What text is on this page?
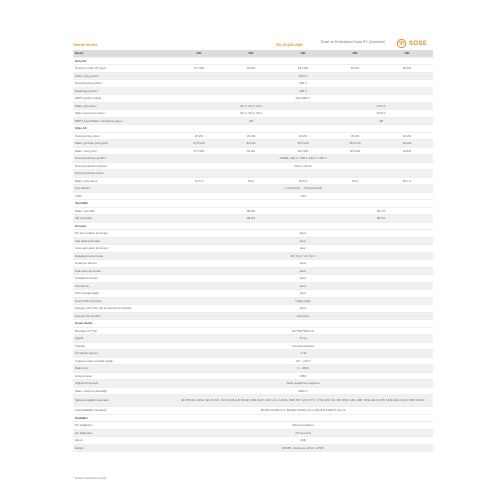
Ticari ve Endüstriyel Solar PV Çözümleri	SOSE
Teknik Veriler	SS-GC(25-40)K
Model	25K	30K	33K	36K	40K
Giriş DC					
Önerilen maks. PV gücü	37,5 kW	45 kW	49,5 kW	54 kW	60 kW
Maks. giriş gerilimi	1100 V				
Nominal giriş gerilimi	600 V				
Başlangıç gerilimi	180 V				
MPPT gerilim aralığı	200-1000 V				
Maks. giriş akımı	32 A / 32 A / 32 A			4*32 A	
Maks. kısa devre akımı	40 A / 40 A / 40 A			4*40 A	
MPPT sayısı/Maks. dizi/izleme sayısı	3/6			4/8	
Çıkış AC					
Nominal çıkış gücü	25 kW	30 kW	33 kW	36 kW	40 kW
Maks. görünen çıkış gücü	27,5 kVA	33 kVA	36,3 kVA	39,6 kVA	44 kVA
Maks. çıkış gücü	27,5 kW	33 kW	36,3 kW	39,6 kW	44 kW
Nominal şebeke gerilimi	3/N/PE, 220 V / 380 V, 230 V / 400 V				
Nominal şebeke frekansı	50 Hz / 60 Hz				
Nominal şebeke akımı					
Maks. çıkış akımı	41,5 A	50 A	54,8 A	60 A	66,7 A
Güç faktörü	~1 (0,8 öncü ... 0,8 gecikmeli)				
THDi	<3%				
Verimlilik					
Maks. verimlilik	98,6%			98,7%	
AB verimliliği	98,2%			98,3%	
Koruma					
DC ters polarite koruması	Evet				
Ada etkisi koruması	Evet				
Çıkış aşırı akım koruması	Evet				
Dalgalanma koruması	DC Tip II / AC Tip II				
İzolasyon direnci	Evet				
Artık akım koruması	Evet				
Sıcaklık koruması	Evet				
Dizi izleme	Evet				
AFCI (isteğe bağlı)	Evet				
Gelen PID Koruması	İsteğe bağlı				
Entegre AFCI (DC ark arızası devre kesicisi)	Evet				
Entegre DC anahtar	Opsiyonel				
Genel Veriler					
Boyutlar (G*Y*D)	647*587*254 mm				
Ağırlık	47 kg				
Topoloji	Transformatörsüz				
Öz tüketim (gece)	<1 W				
Çalışma ortam sıcaklık aralığı	-30 ~ +60°C				
Bağıl nem	0 - 100%				
Giriş koruma	IP66				
Soğutma konsepti	Akıllı yedekli fan soğutma				
Maks. çalışma yüksekliği	4000 m				
Şebeke bağlantı standardı	EN 50549-1:2019, IEC 61727, IEC 62116, EN 50438, VDE 0126, CEI 0-21, C10/11, NRS 097, AS 4777.2, UTE C15-712, RD 1699, G99, G98, VDE-AR-N 4105, VDE-AR-N 4110, NB/T 32004				
Güvenlik/EMC standardı	IEC/EN 62109-1/-2, IEC/EN 61000-6-2/-3, IEC/EN 61000-3-11/-12				
Özellikler					
DC bağlantısı	MC4 konnektörü				
AC bağlantısı	OT terminal				
Ekran	LED				
İletişim	RS485, Opsiyonel: Wi-Fi, GPRS				
* Şebeke standartlarına bağlı
